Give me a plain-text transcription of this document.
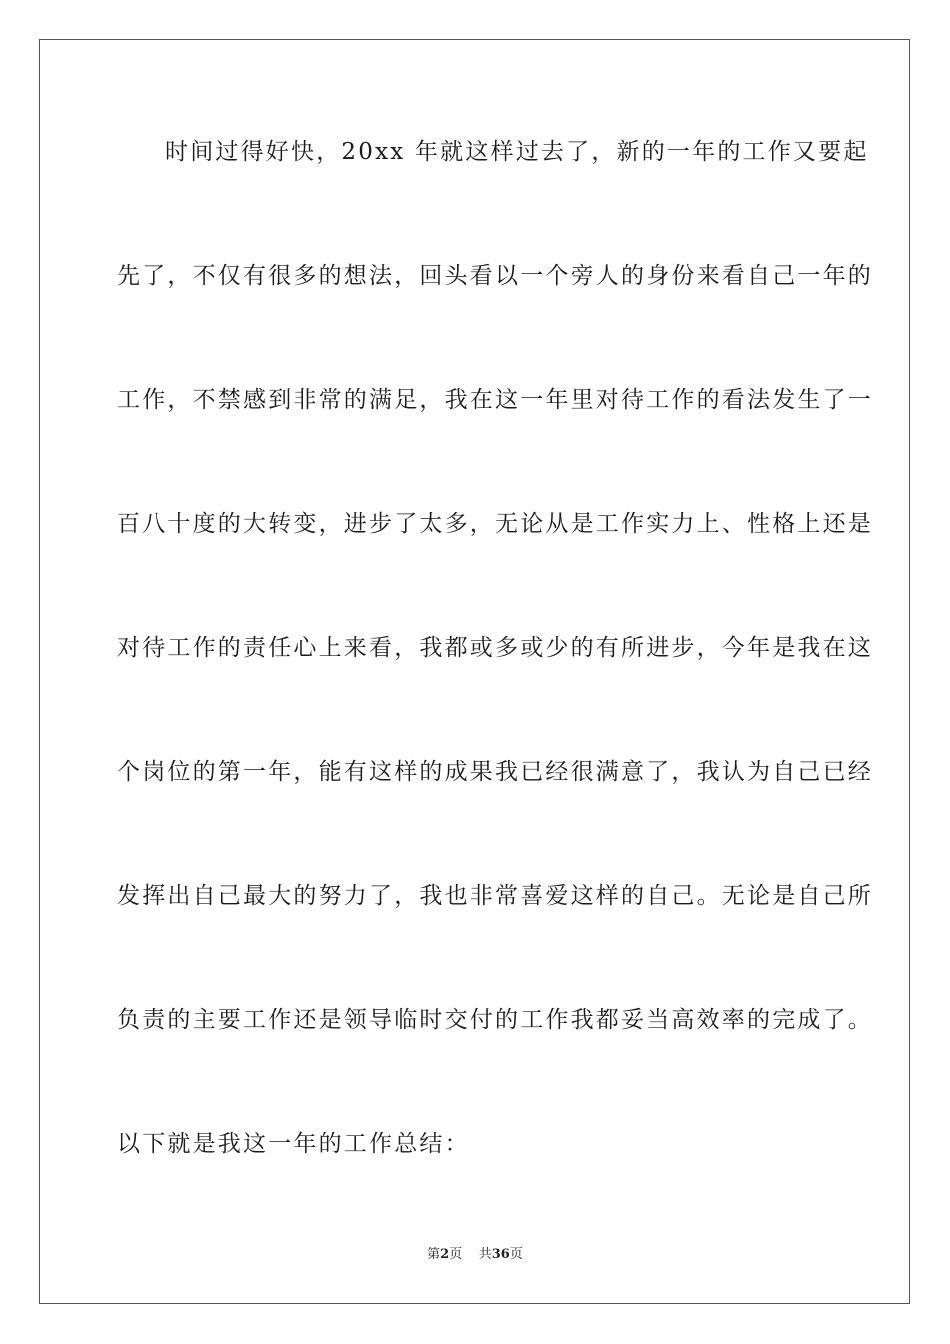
时间过得好快，20xx 年就这样过去了，新的一年的工作又要起
先了，不仅有很多的想法，回头看以一个旁人的身份来看自己一年的
工作，不禁感到非常的满足，我在这一年里对待工作的看法发生了一
百八十度的大转变，进步了太多，无论从是工作实力上、性格上还是
对待工作的责任心上来看，我都或多或少的有所进步，今年是我在这
个岗位的第一年，能有这样的成果我已经很满意了，我认为自己已经
发挥出自己最大的努力了，我也非常喜爱这样的自己。无论是自己所
负责的主要工作还是领导临时交付的工作我都妥当高效率的完成了。
以下就是我这一年的工作总结：
第2页 共36页
